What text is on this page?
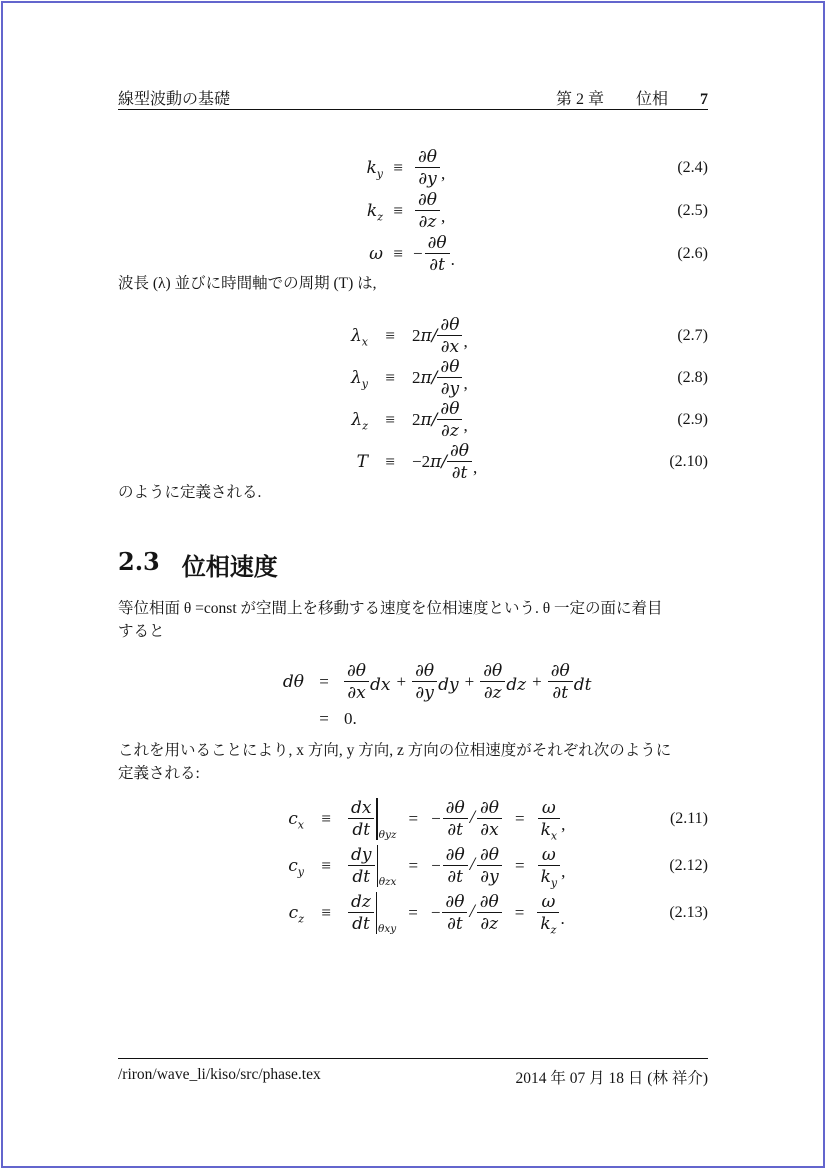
線型波動の基礎	第 2 章 位相 7
$k_y \equiv \frac{\partial\theta}{\partial y}$ ,	(2.4)
$k_z \equiv \frac{\partial\theta}{\partial z}$ ,	(2.5)
ω ≡ − $\frac{\partial\theta}{\partial t}$ .	(2.6)
波長 (λ) 並びに時間軸での周期 (T) は,
$\lambda_x$	≡	2 $\pi/ \frac{\partial\theta}{\partial x}$ ,	(2.7)
$\lambda_y$	≡	2 $\pi/ \frac{\partial\theta}{\partial y}$ ,	(2.8)
$\lambda_z$	≡	2 $\pi/ \frac{\partial\theta}{\partial z}$ ,	(2.9)
T	≡	−2 $\pi/ \frac{\partial\theta}{\partial t}$ ,	(2.10)
のように定義される.
2.3 位相速度
等位相面 θ =const が空間上を移動する速度を位相速度という. θ 一定の面に着目
すると
$d\theta = \frac{\partial\theta}{\partial x}$ dx + $\frac{\partial\theta}{\partial y}$ dy + $\frac{\partial\theta}{\partial z}$ dz + $\frac{\partial\theta}{\partial t}$ dt
= 0.
これを用いることにより, x 方向, y 方向, z 方向の位相速度がそれぞれ次のように
定義される:
$c_x$	≡	$\frac{dx}{dt} _{\theta yz}$
= − $\frac{\partial\theta}{\partial t} / \frac{\partial\theta}{\partial x} = \frac{\omega}{k_x}$ ,	(2.11)
$c_y$	≡	$\frac{dy}{dt} _{\theta zx}$
= − $\frac{\partial\theta}{\partial t} / \frac{\partial\theta}{\partial y} = \frac{\omega}{k_y}$ ,	(2.12)
$c_z$	≡	$\frac{dz}{dt} _{\theta xy}$
= − $\frac{\partial\theta}{\partial t} / \frac{\partial\theta}{\partial z} = \frac{\omega}{k_z}$ .	(2.13)
/riron/wave_li/kiso/src/phase.tex	2014 年 07 月 18 日 (林 祥介)
